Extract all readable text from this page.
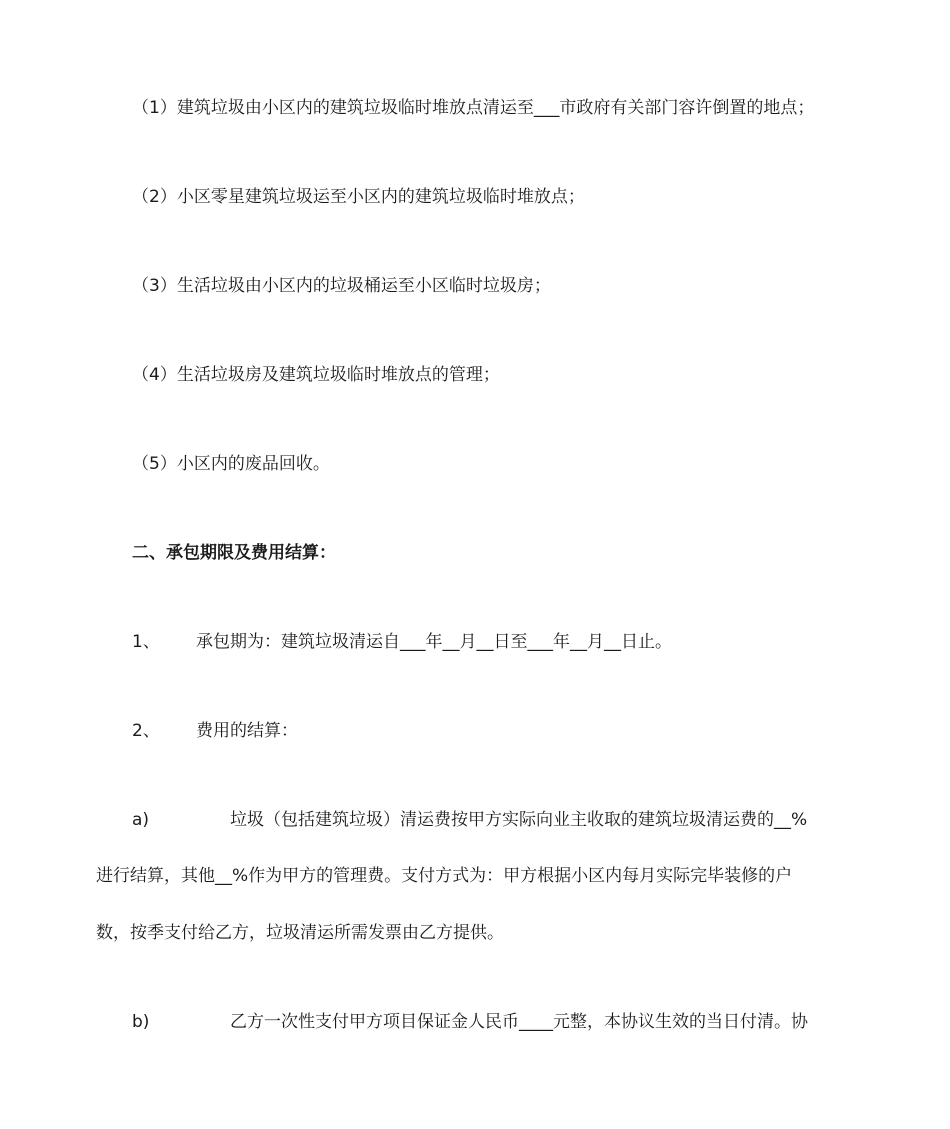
（1）建筑垃圾由小区内的建筑垃圾临时堆放点清运至___市政府有关部门容许倒置的地点；
（2）小区零星建筑垃圾运至小区内的建筑垃圾临时堆放点；
（3）生活垃圾由小区内的垃圾桶运至小区临时垃圾房；
（4）生活垃圾房及建筑垃圾临时堆放点的管理；
（5）小区内的废品回收。
二、承包期限及费用结算：
1、 承包期为：建筑垃圾清运自___年__月__日至___年__月__日止。
2、 费用的结算：
a)	垃圾（包括建筑垃圾）清运费按甲方实际向业主收取的建筑垃圾清运费的__%
进行结算，其他__%作为甲方的管理费。支付方式为：甲方根据小区内每月实际完毕装修的户
数，按季支付给乙方，垃圾清运所需发票由乙方提供。
b)	乙方一次性支付甲方项目保证金人民币____元整，本协议生效的当日付清。协
